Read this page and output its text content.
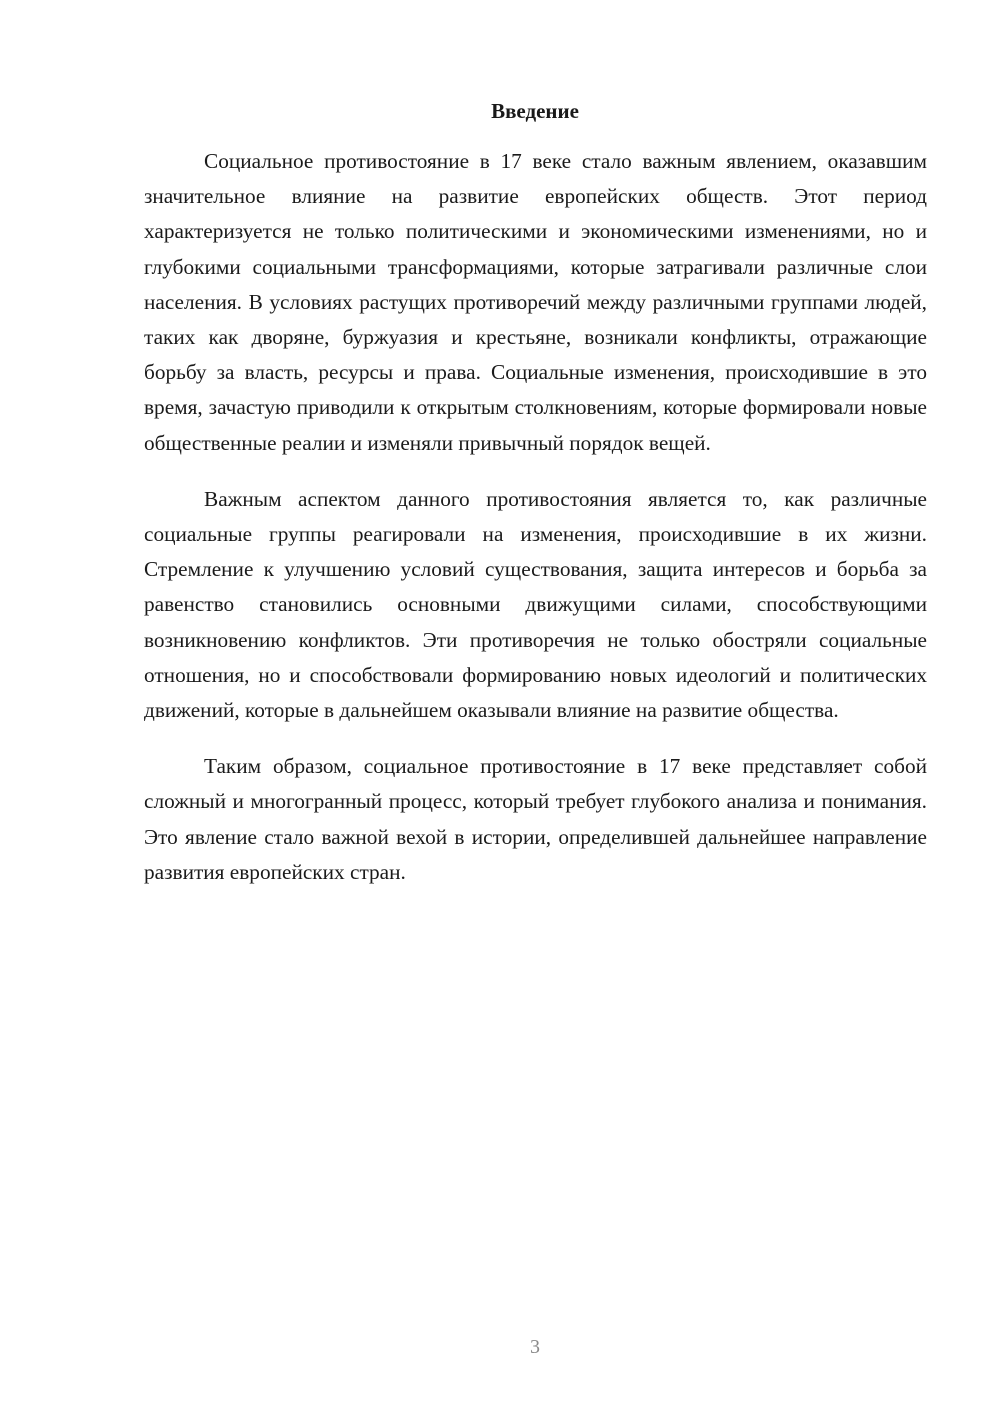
Введение

Социальное противостояние в 17 веке стало важным явлением, оказавшим значительное влияние на развитие европейских обществ. Этот период характеризуется не только политическими и экономическими изменениями, но и глубокими социальными трансформациями, которые затрагивали различные слои населения. В условиях растущих противоречий между различными группами людей, таких как дворяне, буржуазия и крестьяне, возникали конфликты, отражающие борьбу за власть, ресурсы и права. Социальные изменения, происходившие в это время, зачастую приводили к открытым столкновениям, которые формировали новые общественные реалии и изменяли привычный порядок вещей.

Важным аспектом данного противостояния является то, как различные социальные группы реагировали на изменения, происходившие в их жизни. Стремление к улучшению условий существования, защита интересов и борьба за равенство становились основными движущими силами, способствующими возникновению конфликтов. Эти противоречия не только обостряли социальные отношения, но и способствовали формированию новых идеологий и политических движений, которые в дальнейшем оказывали влияние на развитие общества.

Таким образом, социальное противостояние в 17 веке представляет собой сложный и многогранный процесс, который требует глубокого анализа и понимания. Это явление стало важной вехой в истории, определившей дальнейшее направление развития европейских стран.

3
